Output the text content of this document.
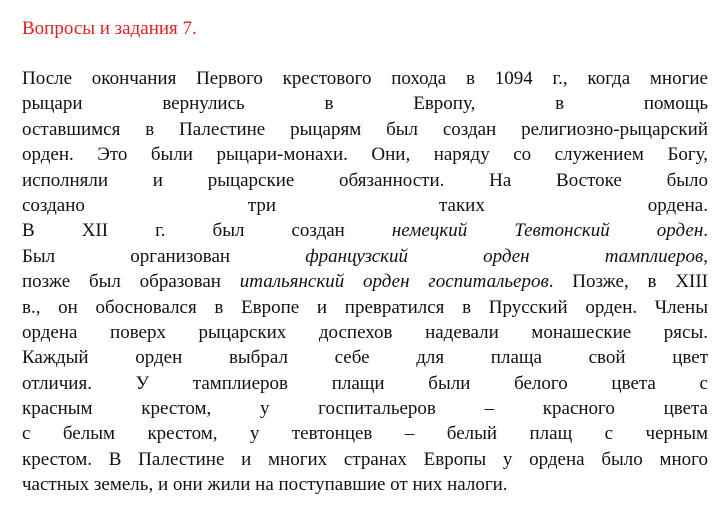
Вопросы и задания 7.
После окончания Первого крестового похода в 1094 г., когда многие
рыцари вернулись в Европу, в помощь
оставшимся в Палестине рыцарям был создан религиозно-рыцарский
орден. Это были рыцари-монахи. Они, наряду со служением Богу,
исполняли и рыцарские обязанности. На Востоке было
создано три таких ордена.
В XII г. был создан немецкий Тевтонский орден.
Был организован французский орден тамплиеров,
позже был образован итальянский орден госпитальеров. Позже, в XIII
в., он обосновался в Европе и превратился в Прусский орден. Члены
ордена поверх рыцарских доспехов надевали монашеские рясы.
Каждый орден выбрал себе для плаща свой цвет
отличия. У тамплиеров плащи были белого цвета с
красным крестом, у госпитальеров – красного цвета
с белым крестом, у тевтонцев – белый плащ с черным
крестом. В Палестине и многих странах Европы у ордена было много
частных земель, и они жили на поступавшие от них налоги.
